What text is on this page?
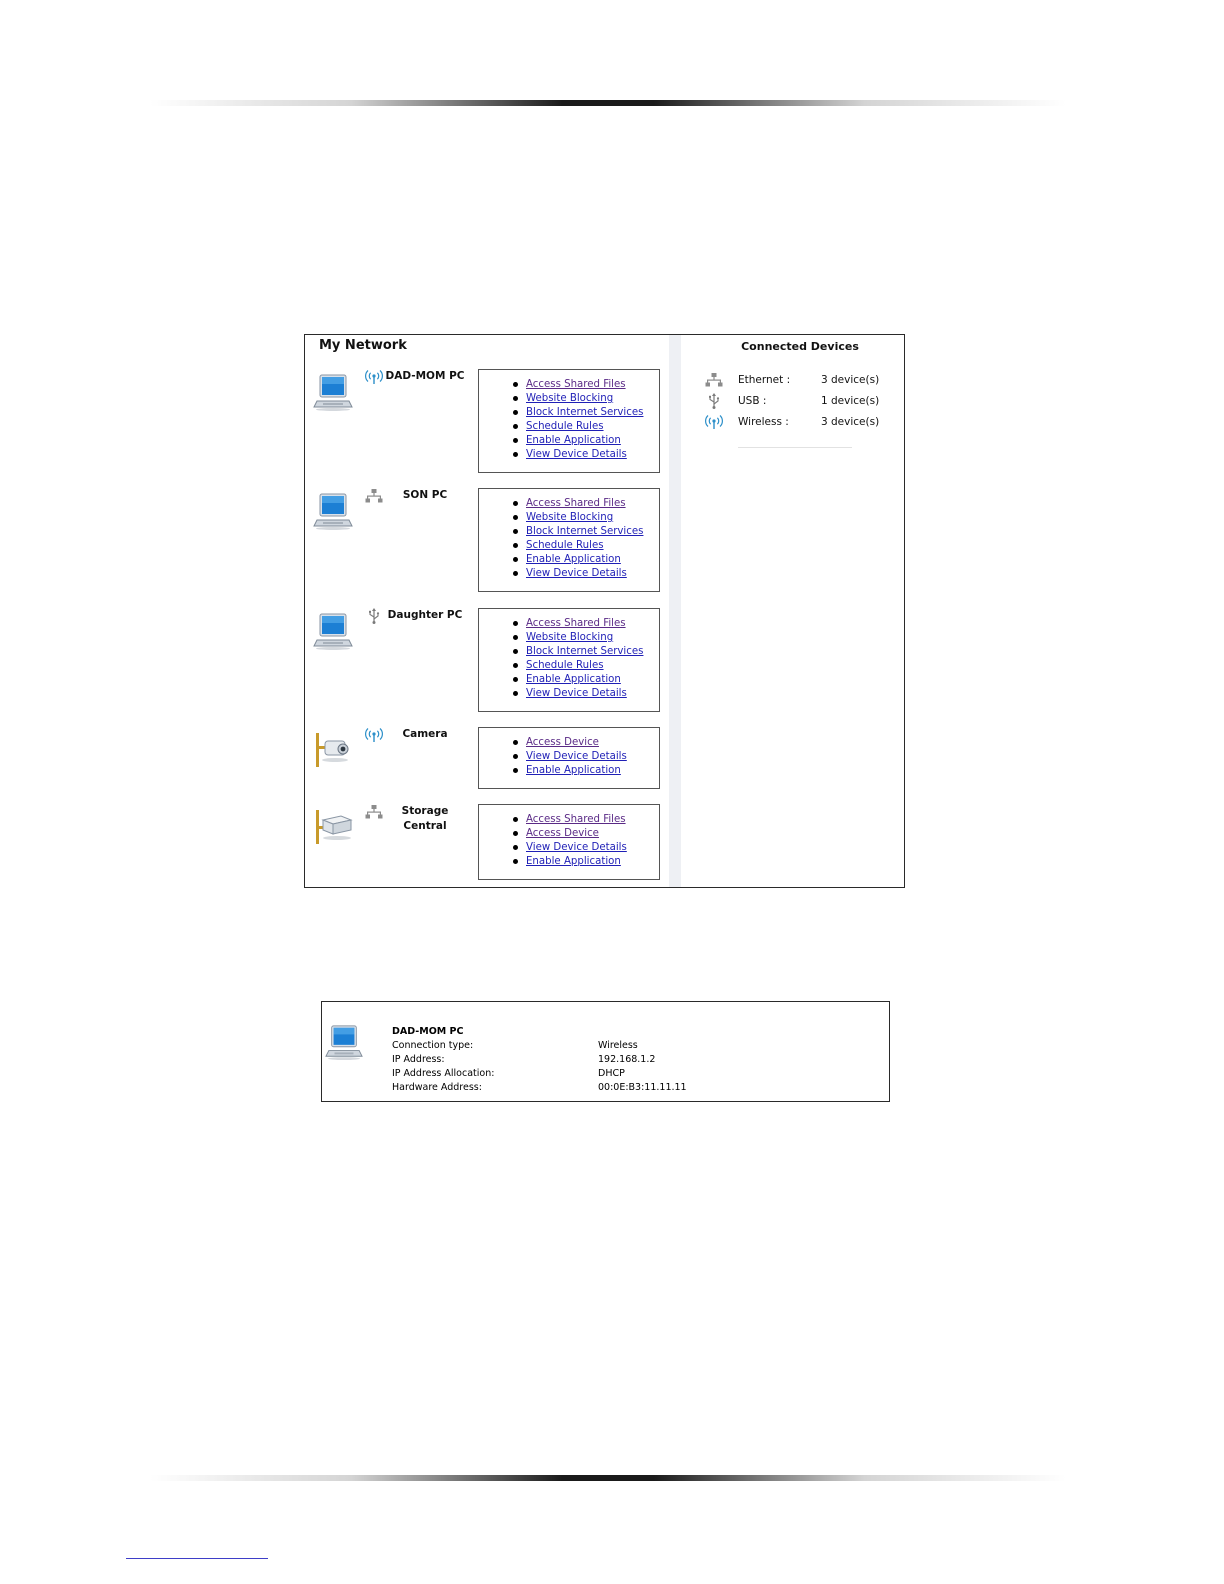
My Network
DAD-MOM PC
Access Shared Files
Website Blocking
Block Internet Services
Schedule Rules
Enable Application
View Device Details
SON PC
Access Shared Files
Website Blocking
Block Internet Services
Schedule Rules
Enable Application
View Device Details
Daughter PC
Access Shared Files
Website Blocking
Block Internet Services
Schedule Rules
Enable Application
View Device Details
Camera
Access Device
View Device Details
Enable Application
Storage
Central
Access Shared Files
Access Device
View Device Details
Enable Application
Connected Devices
Ethernet :	3 device(s)
USB :	1 device(s)
Wireless :	3 device(s)
DAD-MOM PC
Connection type:	Wireless
IP Address:	192.168.1.2
IP Address Allocation:	DHCP
Hardware Address:	00:0E:B3:11.11.11
